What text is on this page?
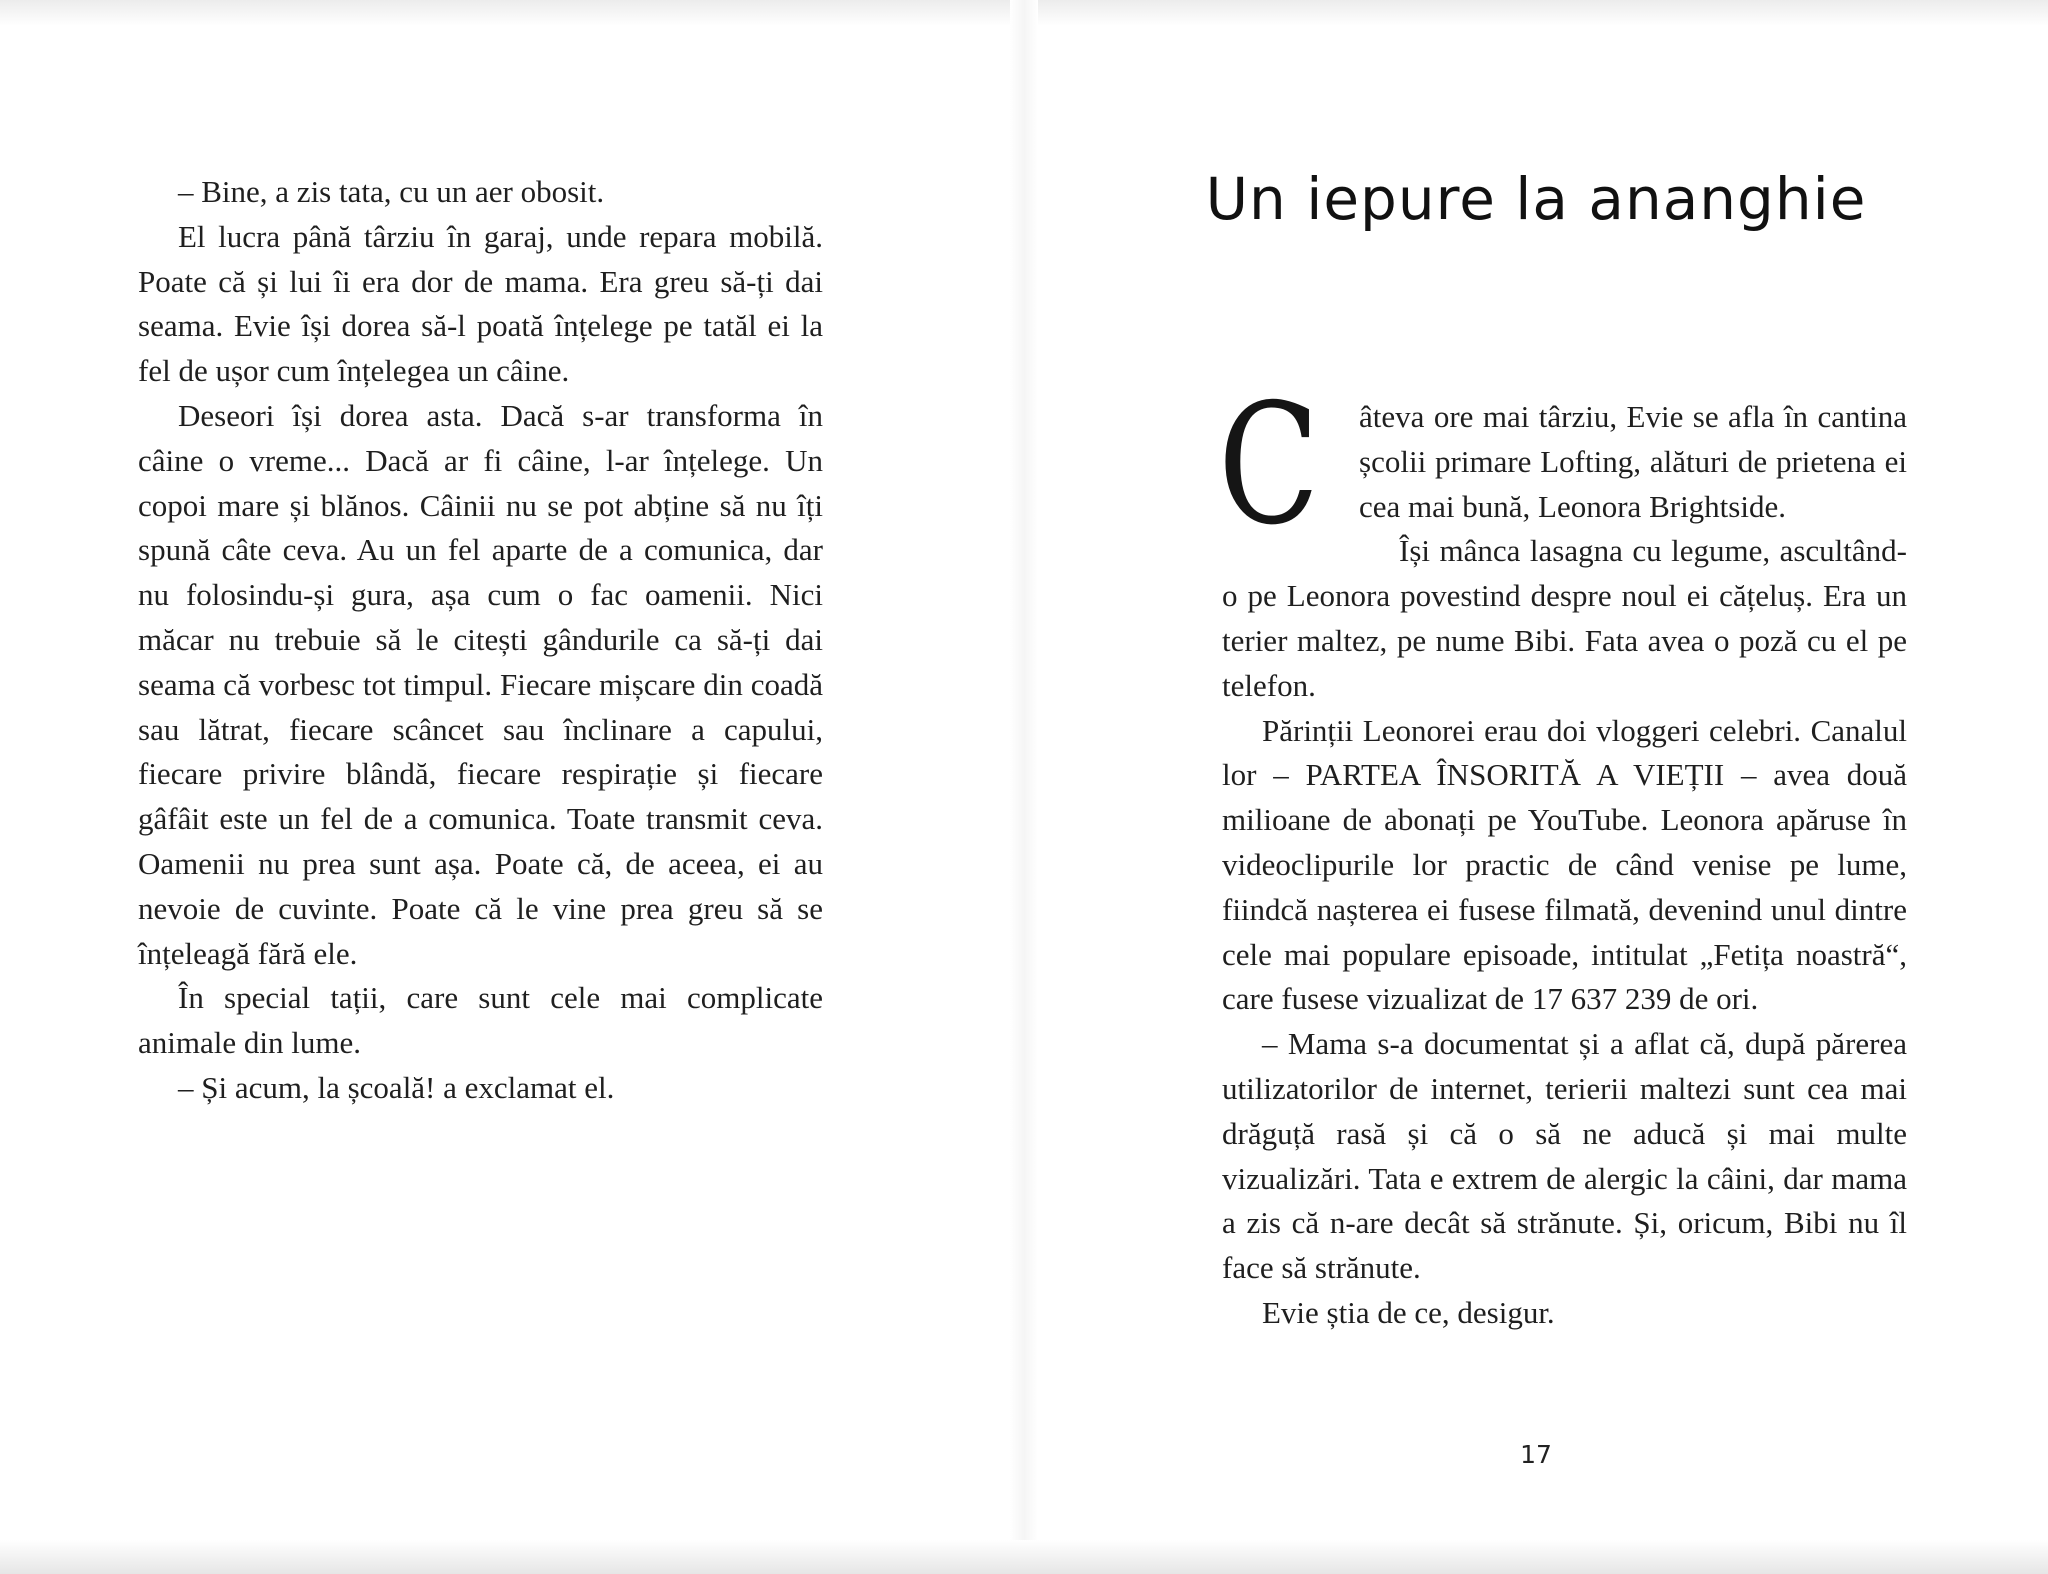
– Bine, a zis tata, cu un aer obosit.

El lucra până târziu în garaj, unde repara mobilă. Poate că și lui îi era dor de mama. Era greu să-ți dai seama. Evie își dorea să-l poată înțelege pe tatăl ei la fel de ușor cum înțelegea un câine.

Deseori își dorea asta. Dacă s-ar transforma în câine o vreme... Dacă ar fi câine, l-ar înțelege. Un copoi mare și blănos. Câinii nu se pot abține să nu îți spună câte ceva. Au un fel aparte de a comunica, dar nu folosindu-și gura, așa cum o fac oamenii. Nici măcar nu trebuie să le citești gândurile ca să-ți dai seama că vorbesc tot timpul. Fiecare mișcare din coadă sau lătrat, fiecare scâncet sau înclinare a capului, fiecare privire blândă, fiecare respirație și fiecare gâfâit este un fel de a comunica. Toate transmit ceva. Oamenii nu prea sunt așa. Poate că, de aceea, ei au nevoie de cuvinte. Poate că le vine prea greu să se înțeleagă fără ele.

În special tații, care sunt cele mai complicate animale din lume.

– Și acum, la școală! a exclamat el.

Un iepure la ananghie

C âteva ore mai târziu, Evie se afla în cantina școlii primare Lofting, alături de prietena ei cea mai bună, Leonora Brightside.

Își mânca lasagna cu legume, ascultând-o pe Leonora povestind despre noul ei cățeluș. Era un terier maltez, pe nume Bibi. Fata avea o poză cu el pe telefon.

Părinții Leonorei erau doi vloggeri celebri. Canalul lor – PARTEA ÎNSORITĂ A VIEȚII – avea două milioane de abonați pe YouTube. Leonora apăruse în videoclipurile lor practic de când venise pe lume, fiindcă nașterea ei fusese filmată, devenind unul dintre cele mai populare episoade, intitulat „Fetița noastră“, care fusese vizualizat de 17 637 239 de ori.

– Mama s-a documentat și a aflat că, după părerea utilizatorilor de internet, terierii maltezi sunt cea mai drăguță rasă și că o să ne aducă și mai multe vizualizări. Tata e extrem de alergic la câini, dar mama a zis că n-are decât să strănute. Și, oricum, Bibi nu îl face să strănute.

Evie știa de ce, desigur.

17
